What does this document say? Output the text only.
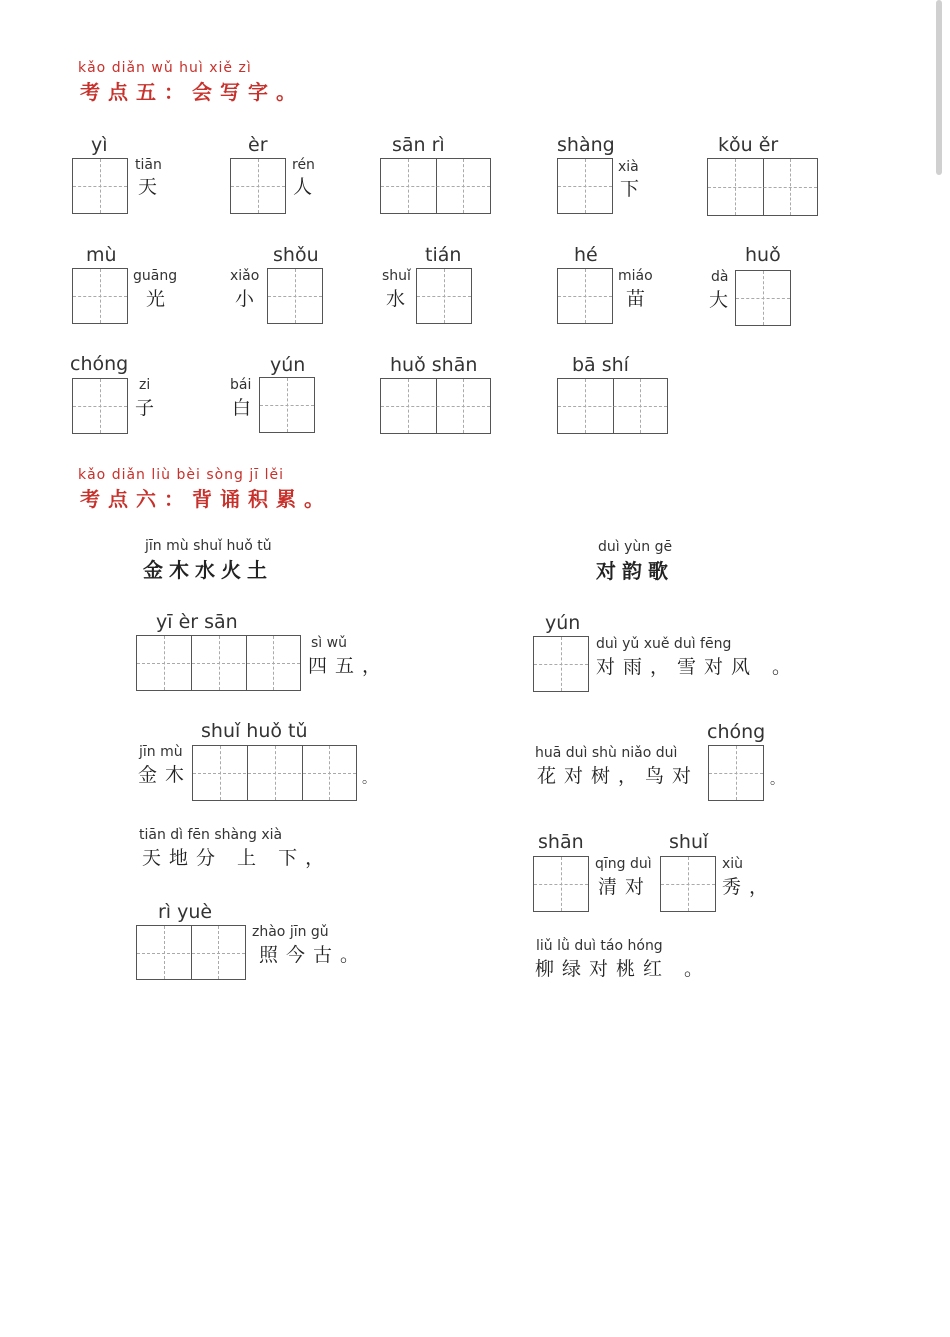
kǎo diǎn wǔ huì xiě zì
考点五：会写字。
yì
tiān
天
èr
rén
人
sān rì	shàng
xià
下
kǒu ěr
mù
guāng
光
shǒu
xiǎo
小
tián
shuǐ
水
hé
miáo
苗
huǒ
dà
大
chóng
zi
子
yún
bái
白
huǒ shān	bā shí
kǎo diǎn liù bèi sòng jī lěi
考点六：背诵积累。
jīn mù shuǐ huǒ tǔ
金木水火土
yī èr sān
sì wǔ
四五，
shuǐ huǒ tǔ
jīn mù
金木	。
tiān dì fēn shàng xià
天地分 上 下，
rì yuè
zhào jīn gǔ
照今古。
duì yùn gē
对韵歌
yún
duì yǔ xuě duì fēng
对雨，雪对风 。
chóng
huā duì shù niǎo duì
花对树，鸟对	。
shān
qīng duì
清对
shuǐ
xiù
秀，
liǔ lǜ duì táo hóng
柳绿对桃红 。
